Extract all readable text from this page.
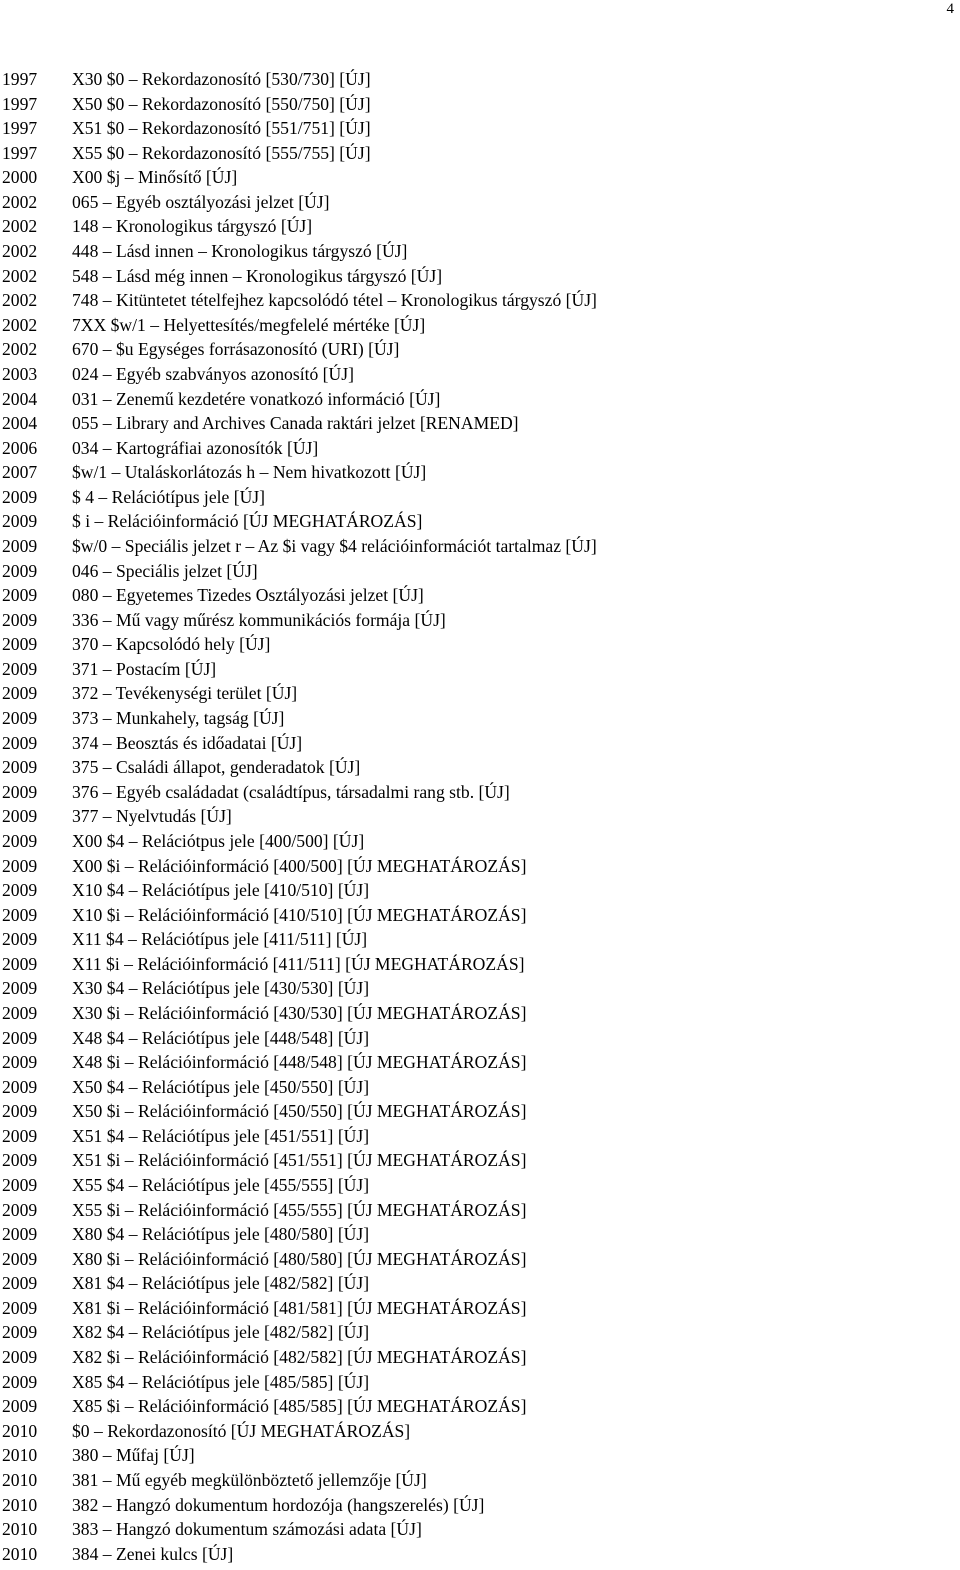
4
1997	X30 $0 – Rekordazonosító [530/730] [ÚJ]
1997	X50 $0 – Rekordazonosító [550/750] [ÚJ]
1997	X51 $0 – Rekordazonosító [551/751] [ÚJ]
1997	X55 $0 – Rekordazonosító [555/755] [ÚJ]
2000	X00 $j – Minősítő [ÚJ]
2002	065 – Egyéb osztályozási jelzet [ÚJ]
2002	148 – Kronologikus tárgyszó [ÚJ]
2002	448 – Lásd innen – Kronologikus tárgyszó [ÚJ]
2002	548 – Lásd még innen – Kronologikus tárgyszó [ÚJ]
2002	748 – Kitüntetet tételfejhez kapcsolódó tétel – Kronologikus tárgyszó [ÚJ]
2002	7XX $w/1 – Helyettesítés/megfelelé mértéke [ÚJ]
2002	670 – $u Egységes forrásazonosító (URI) [ÚJ]
2003	024 – Egyéb szabványos azonosító [ÚJ]
2004	031 – Zenemű kezdetére vonatkozó információ [ÚJ]
2004	055 – Library and Archives Canada raktári jelzet [RENAMED]
2006	034 – Kartográfiai azonosítók [ÚJ]
2007	$w/1 – Utaláskorlátozás h – Nem hivatkozott [ÚJ]
2009	$ 4 – Relációtípus jele [ÚJ]
2009	$ i – Relációinformáció [ÚJ MEGHATÁROZÁS]
2009	$w/0 – Speciális jelzet r – Az $i vagy $4 relációinformációt tartalmaz [ÚJ]
2009	046 – Speciális jelzet [ÚJ]
2009	080 – Egyetemes Tizedes Osztályozási jelzet [ÚJ]
2009	336 – Mű vagy műrész kommunikációs formája [ÚJ]
2009	370 – Kapcsolódó hely [ÚJ]
2009	371 – Postacím [ÚJ]
2009	372 – Tevékenységi terület [ÚJ]
2009	373 – Munkahely, tagság [ÚJ]
2009	374 – Beosztás és időadatai [ÚJ]
2009	375 – Családi állapot, genderadatok [ÚJ]
2009	376 – Egyéb családadat (családtípus, társadalmi rang stb. [ÚJ]
2009	377 – Nyelvtudás [ÚJ]
2009	X00 $4 – Relációtpus jele [400/500] [ÚJ]
2009	X00 $i – Relációinformáció [400/500] [ÚJ MEGHATÁROZÁS]
2009	X10 $4 – Relációtípus jele [410/510] [ÚJ]
2009	X10 $i – Relációinformáció [410/510] [ÚJ MEGHATÁROZÁS]
2009	X11 $4 – Relációtípus jele [411/511] [ÚJ]
2009	X11 $i – Relációinformáció [411/511] [ÚJ MEGHATÁROZÁS]
2009	X30 $4 – Relációtípus jele [430/530] [ÚJ]
2009	X30 $i – Relációinformáció [430/530] [ÚJ MEGHATÁROZÁS]
2009	X48 $4 – Relációtípus jele [448/548] [ÚJ]
2009	X48 $i – Relációinformáció [448/548] [ÚJ MEGHATÁROZÁS]
2009	X50 $4 – Relációtípus jele [450/550] [ÚJ]
2009	X50 $i – Relációinformáció [450/550] [ÚJ MEGHATÁROZÁS]
2009	X51 $4 – Relációtípus jele [451/551] [ÚJ]
2009	X51 $i – Relációinformáció [451/551] [ÚJ MEGHATÁROZÁS]
2009	X55 $4 – Relációtípus jele [455/555] [ÚJ]
2009	X55 $i – Relációinformáció [455/555] [ÚJ MEGHATÁROZÁS]
2009	X80 $4 – Relációtípus jele [480/580] [ÚJ]
2009	X80 $i – Relációinformáció [480/580] [ÚJ MEGHATÁROZÁS]
2009	X81 $4 – Relációtípus jele [482/582] [ÚJ]
2009	X81 $i – Relációinformáció [481/581] [ÚJ MEGHATÁROZÁS]
2009	X82 $4 – Relációtípus jele [482/582] [ÚJ]
2009	X82 $i – Relációinformáció [482/582] [ÚJ MEGHATÁROZÁS]
2009	X85 $4 – Relációtípus jele [485/585] [ÚJ]
2009	X85 $i – Relációinformáció [485/585] [ÚJ MEGHATÁROZÁS]
2010	$0 – Rekordazonosító [ÚJ MEGHATÁROZÁS]
2010	380 – Műfaj [ÚJ]
2010	381 – Mű egyéb megkülönböztető jellemzője [ÚJ]
2010	382 – Hangzó dokumentum hordozója (hangszerelés) [ÚJ]
2010	383 – Hangzó dokumentum számozási adata [ÚJ]
2010	384 – Zenei kulcs [ÚJ]
